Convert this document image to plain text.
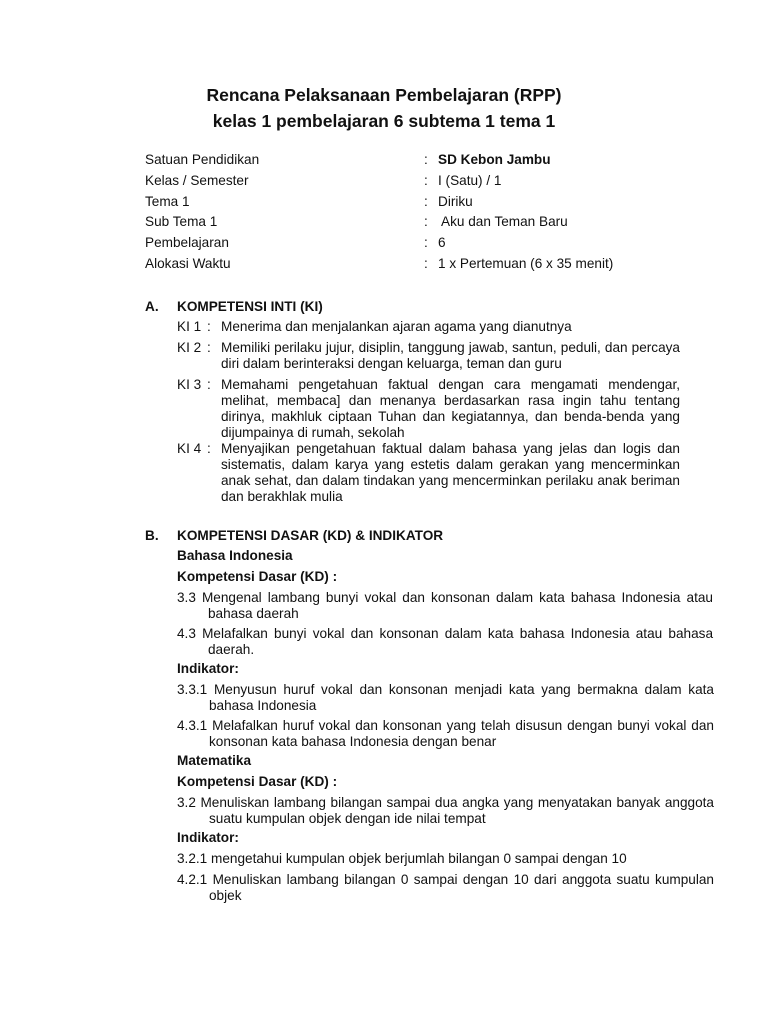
Rencana Pelaksanaan Pembelajaran (RPP)
kelas 1 pembelajaran 6 subtema 1 tema 1
Satuan Pendidikan	: SD Kebon Jambu
Kelas / Semester	: I (Satu) / 1
Tema 1	: Diriku
Sub Tema 1	: Aku dan Teman Baru
Pembelajaran	: 6
Alokasi Waktu	: 1 x Pertemuan (6 x 35 menit)
A. KOMPETENSI INTI (KI)
KI 1 : Menerima dan menjalankan ajaran agama yang dianutnya
KI 2 : Memiliki perilaku jujur, disiplin, tanggung jawab, santun, peduli, dan percaya diri dalam berinteraksi dengan keluarga, teman dan guru
KI 3 : Memahami pengetahuan faktual dengan cara mengamati mendengar, melihat, membaca] dan menanya berdasarkan rasa ingin tahu tentang dirinya, makhluk ciptaan Tuhan dan kegiatannya, dan benda-benda yang dijumpainya di rumah, sekolah
KI 4 : Menyajikan pengetahuan faktual dalam bahasa yang jelas dan logis dan sistematis, dalam karya yang estetis dalam gerakan yang mencerminkan anak sehat, dan dalam tindakan yang mencerminkan perilaku anak beriman dan berakhlak mulia
B. KOMPETENSI DASAR (KD) & INDIKATOR
Bahasa Indonesia
Kompetensi Dasar (KD) :
3.3 Mengenal lambang bunyi vokal dan konsonan dalam kata bahasa Indonesia atau bahasa daerah
4.3 Melafalkan bunyi vokal dan konsonan dalam kata bahasa Indonesia atau bahasa daerah.
Indikator:
3.3.1 Menyusun huruf vokal dan konsonan menjadi kata yang bermakna dalam kata bahasa Indonesia
4.3.1 Melafalkan huruf vokal dan konsonan yang telah disusun dengan bunyi vokal dan konsonan kata bahasa Indonesia dengan benar
Matematika
Kompetensi Dasar (KD) :
3.2 Menuliskan lambang bilangan sampai dua angka yang menyatakan banyak anggota suatu kumpulan objek dengan ide nilai tempat
Indikator:
3.2.1 mengetahui kumpulan objek berjumlah bilangan 0 sampai dengan 10
4.2.1 Menuliskan lambang bilangan 0 sampai dengan 10 dari anggota suatu kumpulan objek
